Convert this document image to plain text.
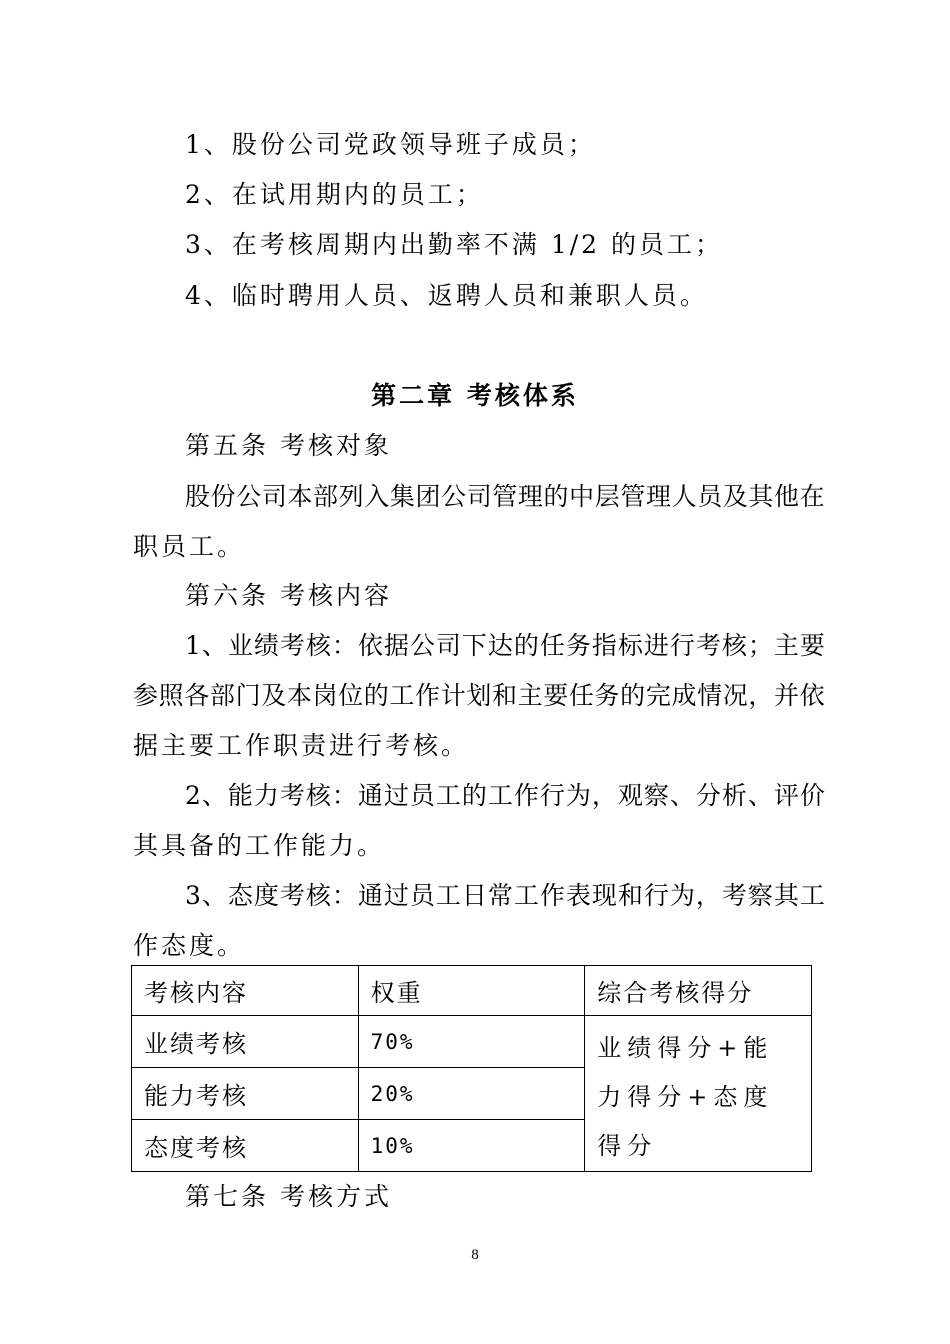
1、股份公司党政领导班子成员；
2、在试用期内的员工；
3、在考核周期内出勤率不满 1/2 的员工；
4、临时聘用人员、返聘人员和兼职人员。
第二章 考核体系
第五条 考核对象
股 份 公 司 本 部 列 入 集 团 公 司 管 理 的 中 层 管 理 人 员 及 其 他 在
职员工。
第六条 考核内容
1 、 业 绩 考 核 ： 依 据 公 司 下 达 的 任 务 指 标 进 行 考 核 ； 主 要
参 照 各 部 门 及 本 岗 位 的 工 作 计 划 和 主 要 任 务 的 完 成 情 况 ， 并 依
据主要工作职责进行考核。
2 、 能 力 考 核 ： 通 过 员 工 的 工 作 行 为 ， 观 察 、 分 析 、 评 价
其具备的工作能力。
3 、 态 度 考 核 ： 通 过 员 工 日 常 工 作 表 现 和 行 为 ， 考 察 其 工
作态度。
考核内容	权重	综合考核得分
业绩考核	70%	业绩得分+能力得分+态度得分
能力考核	20%	
态度考核	10%	
第七条 考核方式
8
